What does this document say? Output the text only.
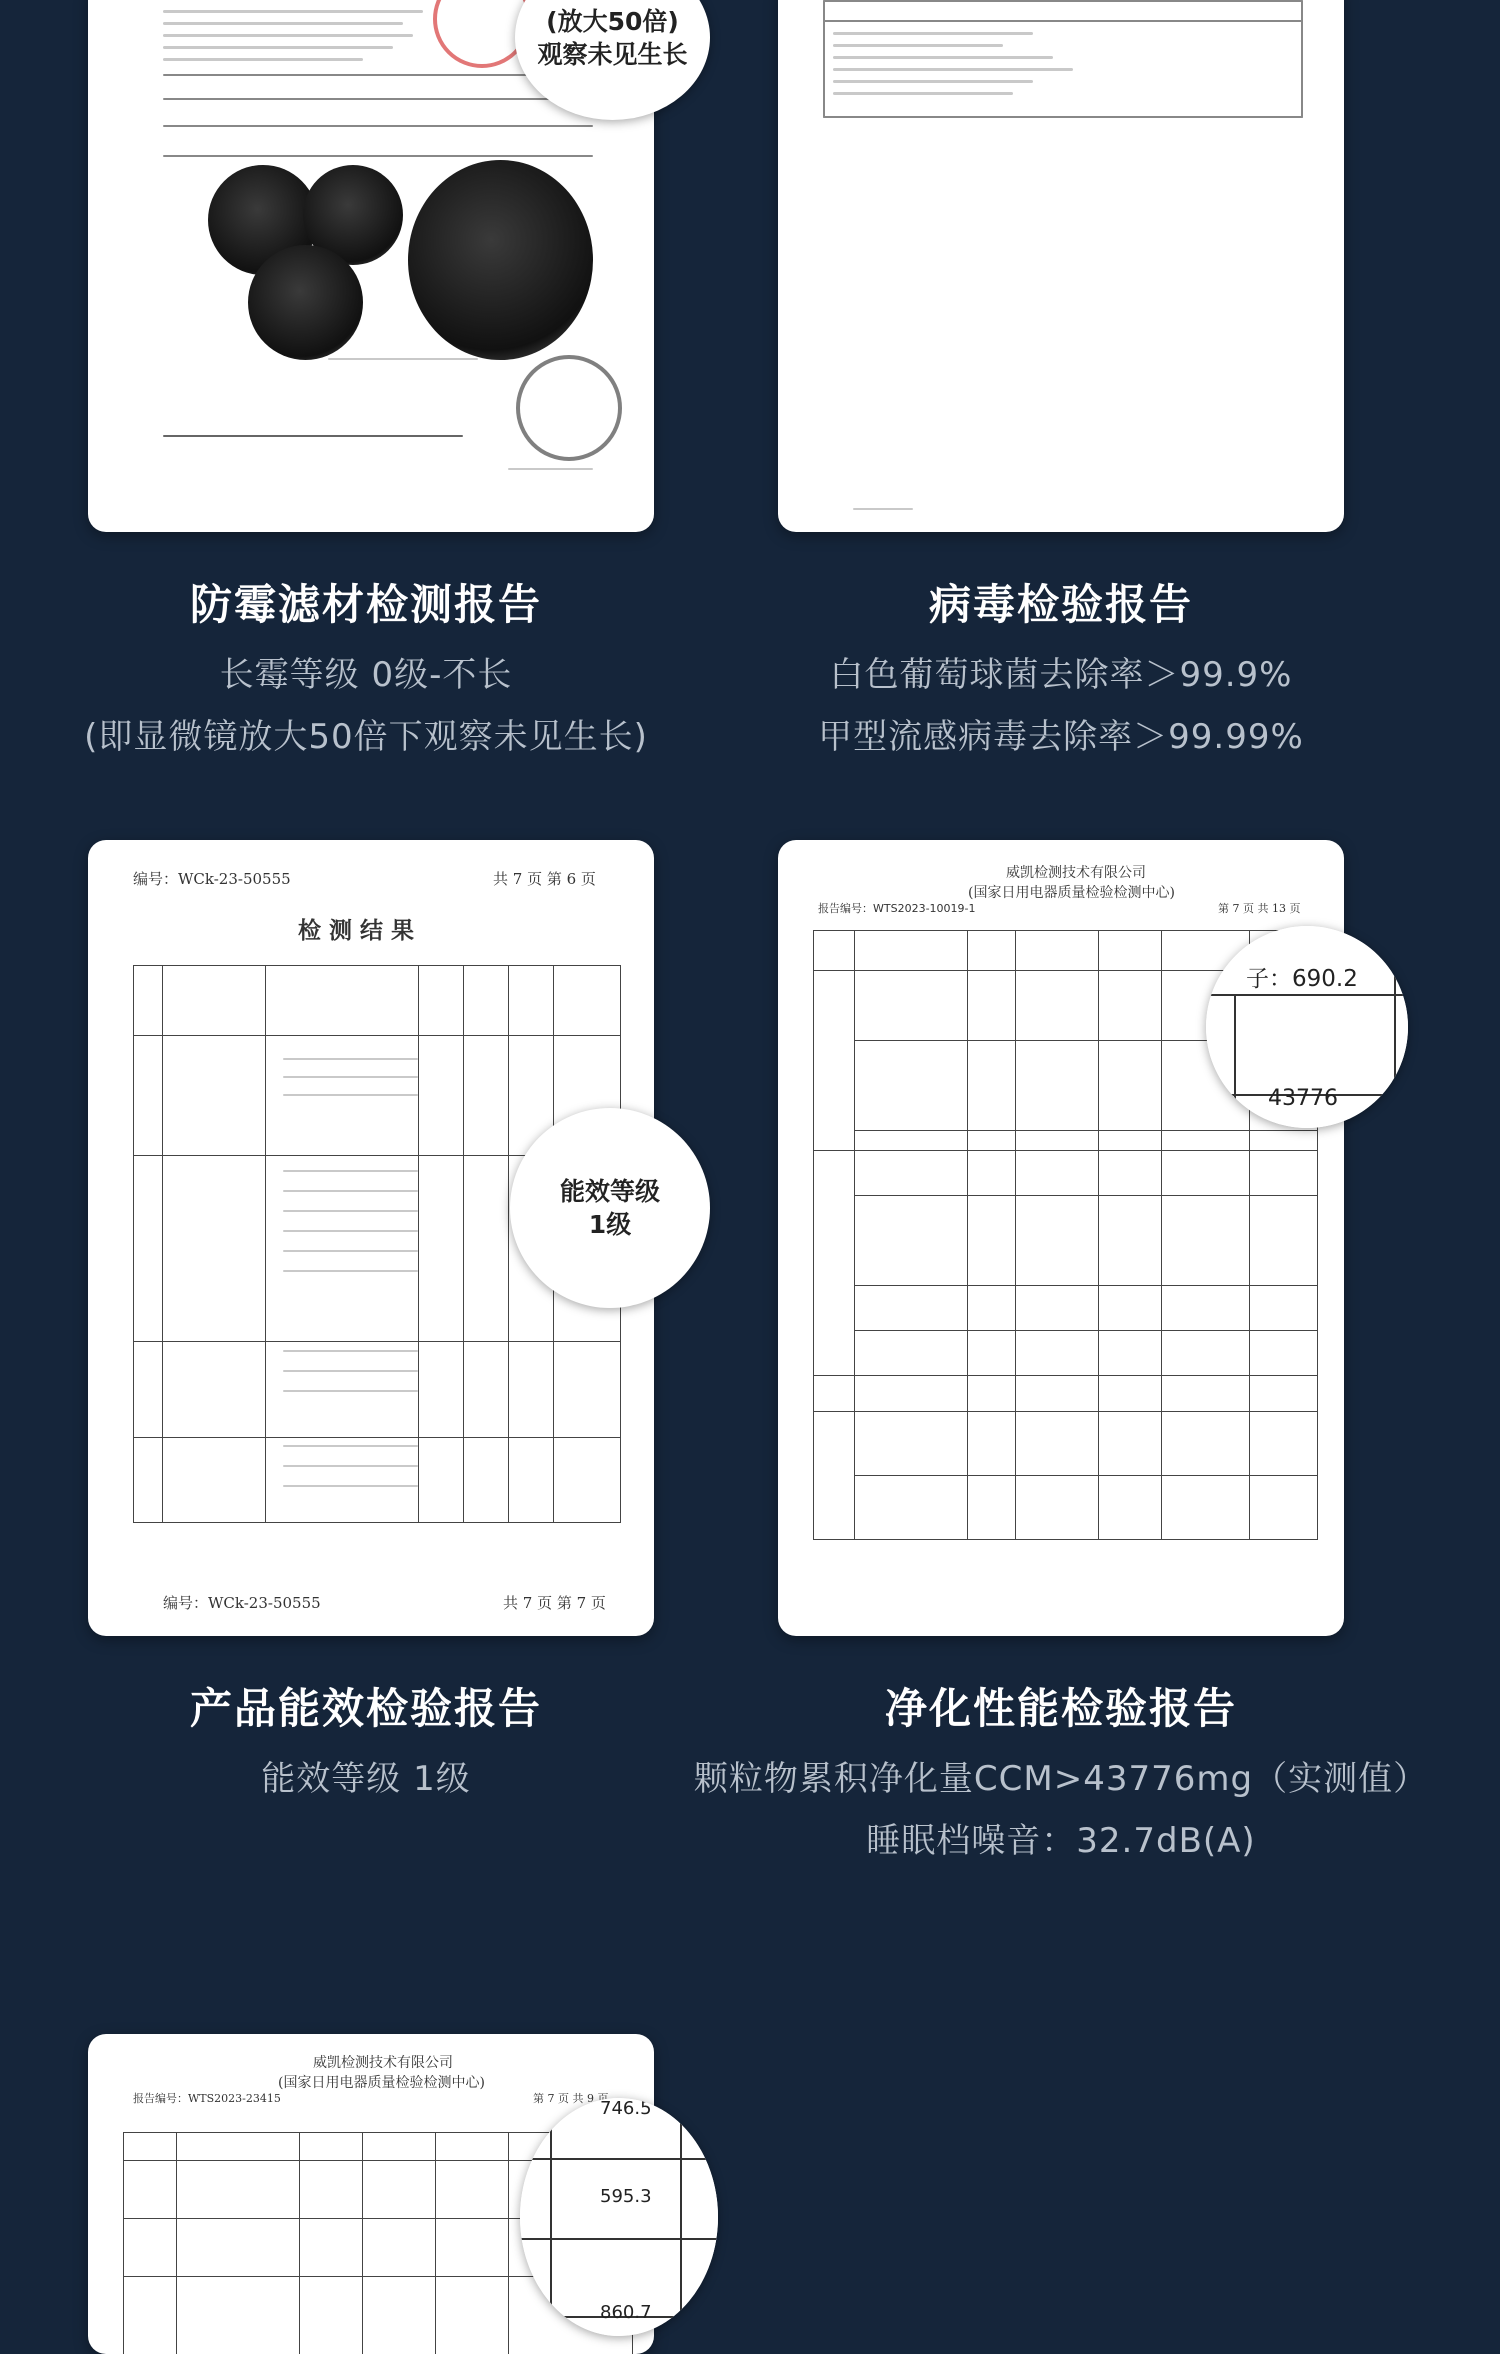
(放大50倍)
观察未见生长
防霉滤材检测报告
长霉等级 0级-不长
(即显微镜放大50倍下观察未见生长)
病毒检验报告
白色葡萄球菌去除率＞99.9%
甲型流感病毒去除率＞99.99%
编号：WCk-23-50555	共 7 页 第 6 页
检 测 结 果

编号：WCk-23-50555	共 7 页 第 7 页
能效等级
1级
威凯检测技术有限公司
(国家日用电器质量检验检测中心)
报告编号：WTS2023-10019-1	第 7 页 共 13 页

子：690.2
43776
产品能效检验报告
能效等级 1级
净化性能检验报告
颗粒物累积净化量CCM>43776mg（实测值）
睡眠档噪音：32.7dB(A)
威凯检测技术有限公司
(国家日用电器质量检验检测中心)
报告编号：WTS2023-23415

						746.5
595.3
860.7
